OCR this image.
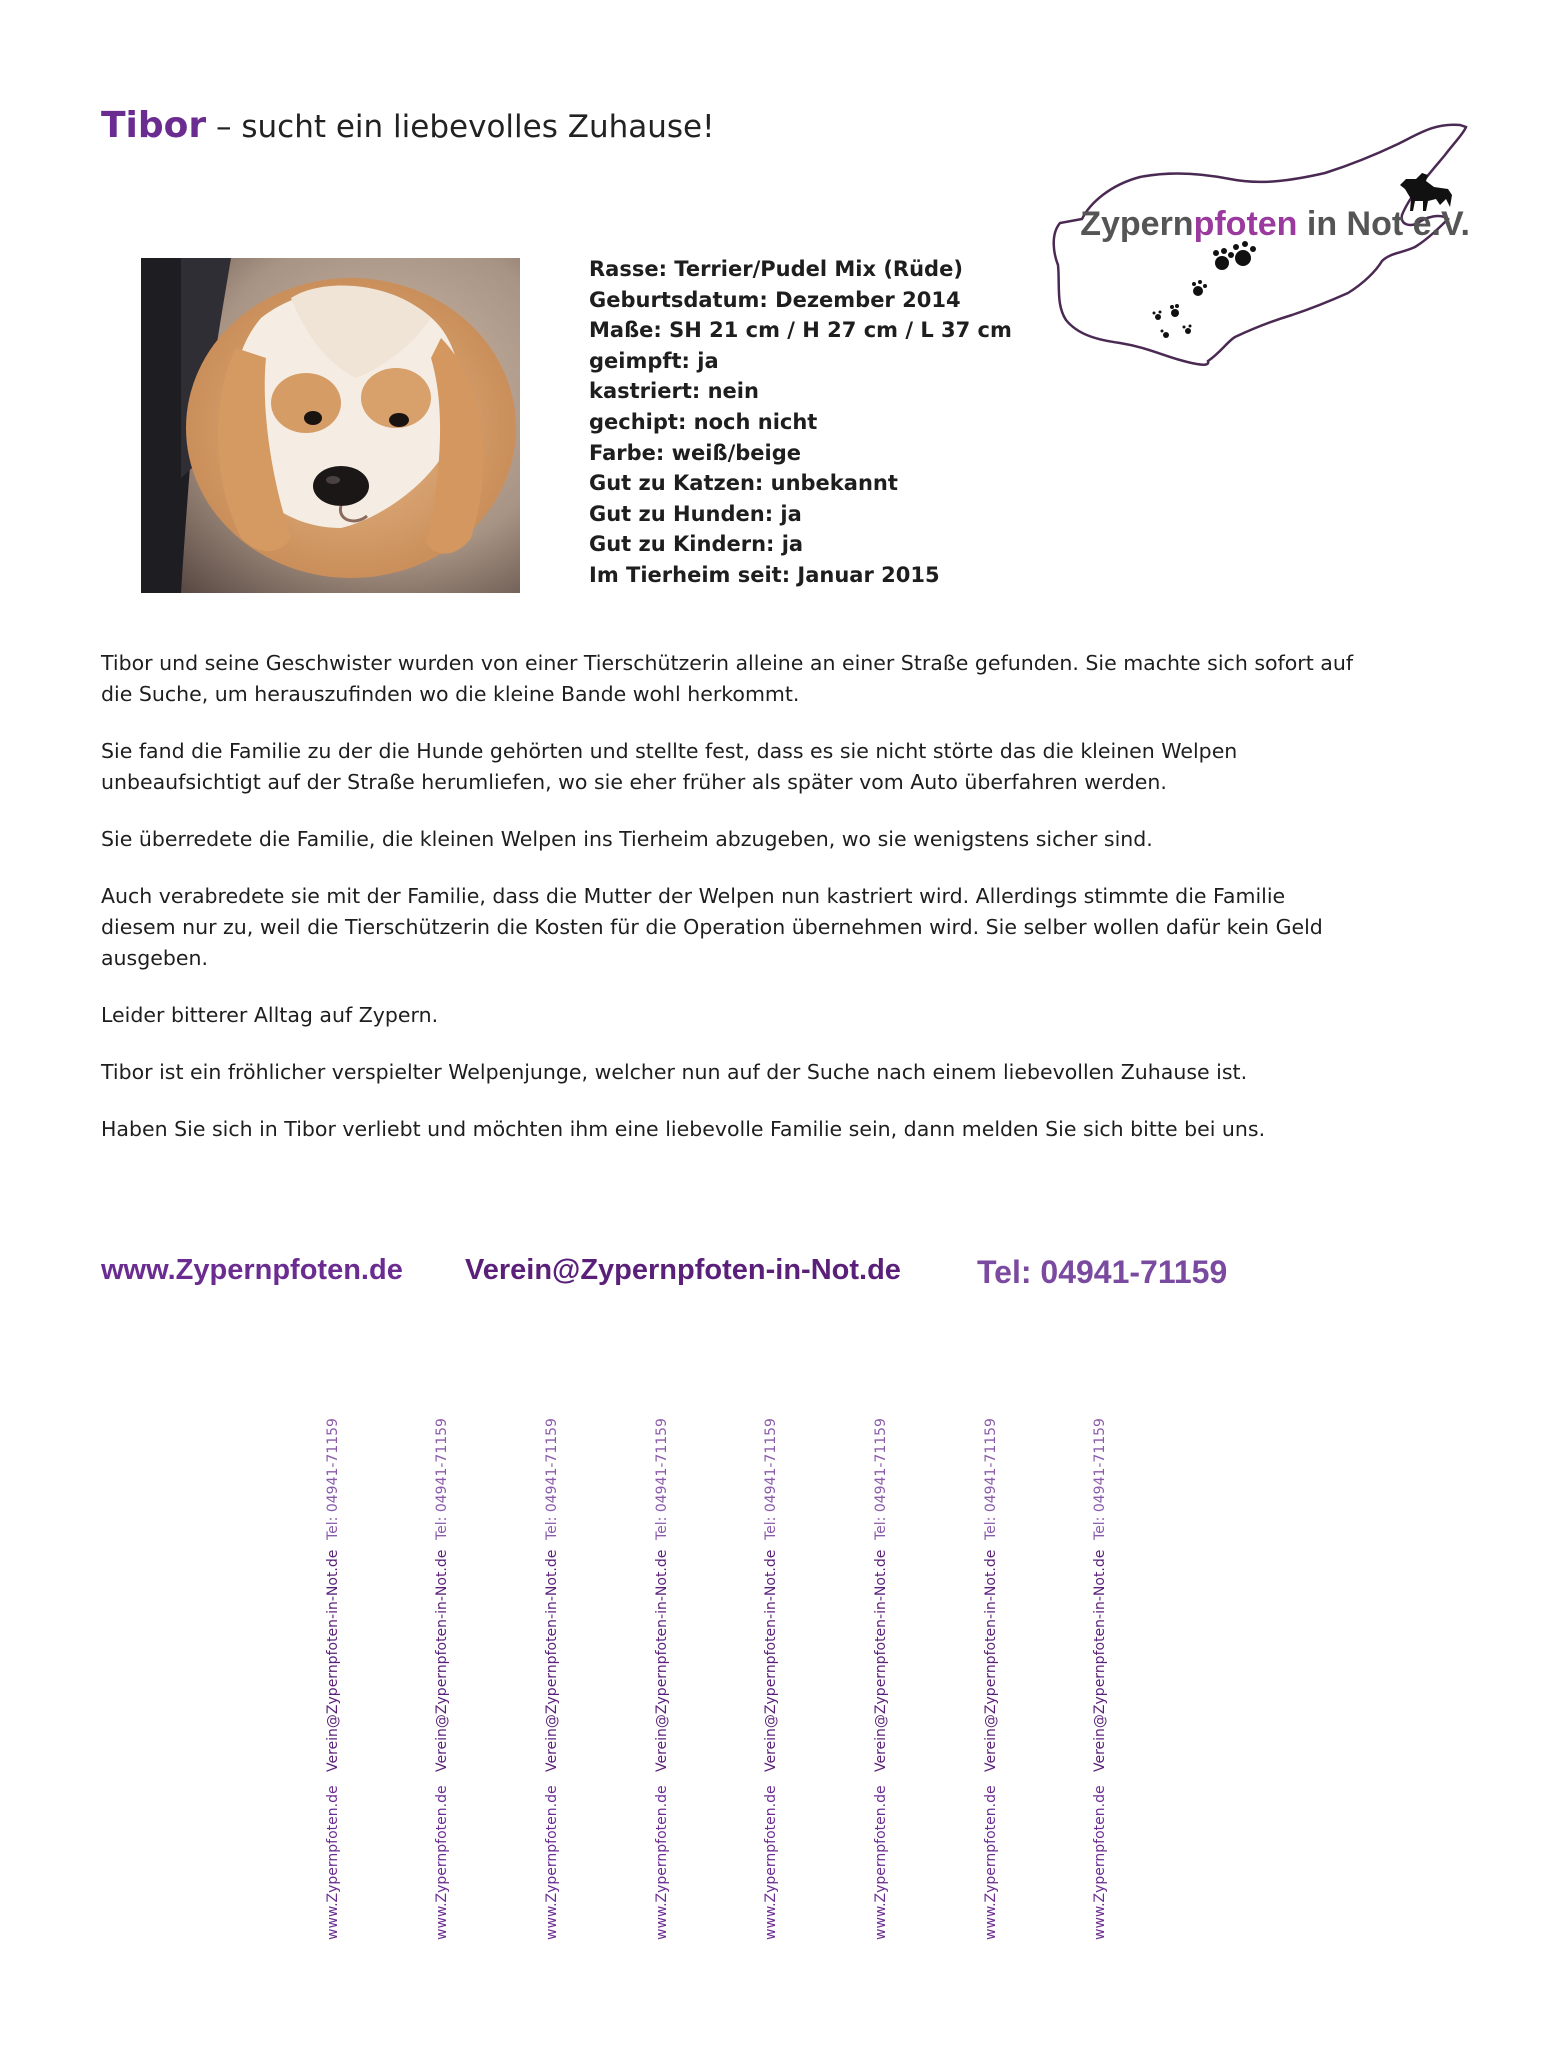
Tibor – sucht ein liebevolles Zuhause!
Zypernpfoten in Not e.V.
Rasse: Terrier/Pudel Mix (Rüde)
Geburtsdatum: Dezember 2014
Maße: SH 21 cm / H 27 cm / L 37 cm
geimpft: ja
kastriert: nein
gechipt: noch nicht
Farbe: weiß/beige
Gut zu Katzen: unbekannt
Gut zu Hunden: ja
Gut zu Kindern: ja
Im Tierheim seit: Januar 2015

Tibor und seine Geschwister wurden von einer Tierschützerin alleine an einer Straße gefunden. Sie machte sich sofort auf die Suche, um herauszufinden wo die kleine Bande wohl herkommt.

Sie fand die Familie zu der die Hunde gehörten und stellte fest, dass es sie nicht störte das die kleinen Welpen unbeaufsichtigt auf der Straße herumliefen, wo sie eher früher als später vom Auto überfahren werden.

Sie überredete die Familie, die kleinen Welpen ins Tierheim abzugeben, wo sie wenigstens sicher sind.

Auch verabredete sie mit der Familie, dass die Mutter der Welpen nun kastriert wird. Allerdings stimmte die Familie diesem nur zu, weil die Tierschützerin die Kosten für die Operation übernehmen wird. Sie selber wollen dafür kein Geld ausgeben.

Leider bitterer Alltag auf Zypern.

Tibor ist ein fröhlicher verspielter Welpenjunge, welcher nun auf der Suche nach einem liebevollen Zuhause ist.

Haben Sie sich in Tibor verliebt und möchten ihm eine liebevolle Familie sein, dann melden Sie sich bitte bei uns.

www.Zypernpfoten.de Verein@Zypernpfoten-in-Not.de Tel: 04941-71159
www.Zypernpfoten.de
Verein@Zypernpfoten-in-Not.de
Tel: 04941-71159
www.Zypernpfoten.de
Verein@Zypernpfoten-in-Not.de
Tel: 04941-71159
www.Zypernpfoten.de
Verein@Zypernpfoten-in-Not.de
Tel: 04941-71159
www.Zypernpfoten.de
Verein@Zypernpfoten-in-Not.de
Tel: 04941-71159
www.Zypernpfoten.de
Verein@Zypernpfoten-in-Not.de
Tel: 04941-71159
www.Zypernpfoten.de
Verein@Zypernpfoten-in-Not.de
Tel: 04941-71159
www.Zypernpfoten.de
Verein@Zypernpfoten-in-Not.de
Tel: 04941-71159
www.Zypernpfoten.de
Verein@Zypernpfoten-in-Not.de
Tel: 04941-71159
